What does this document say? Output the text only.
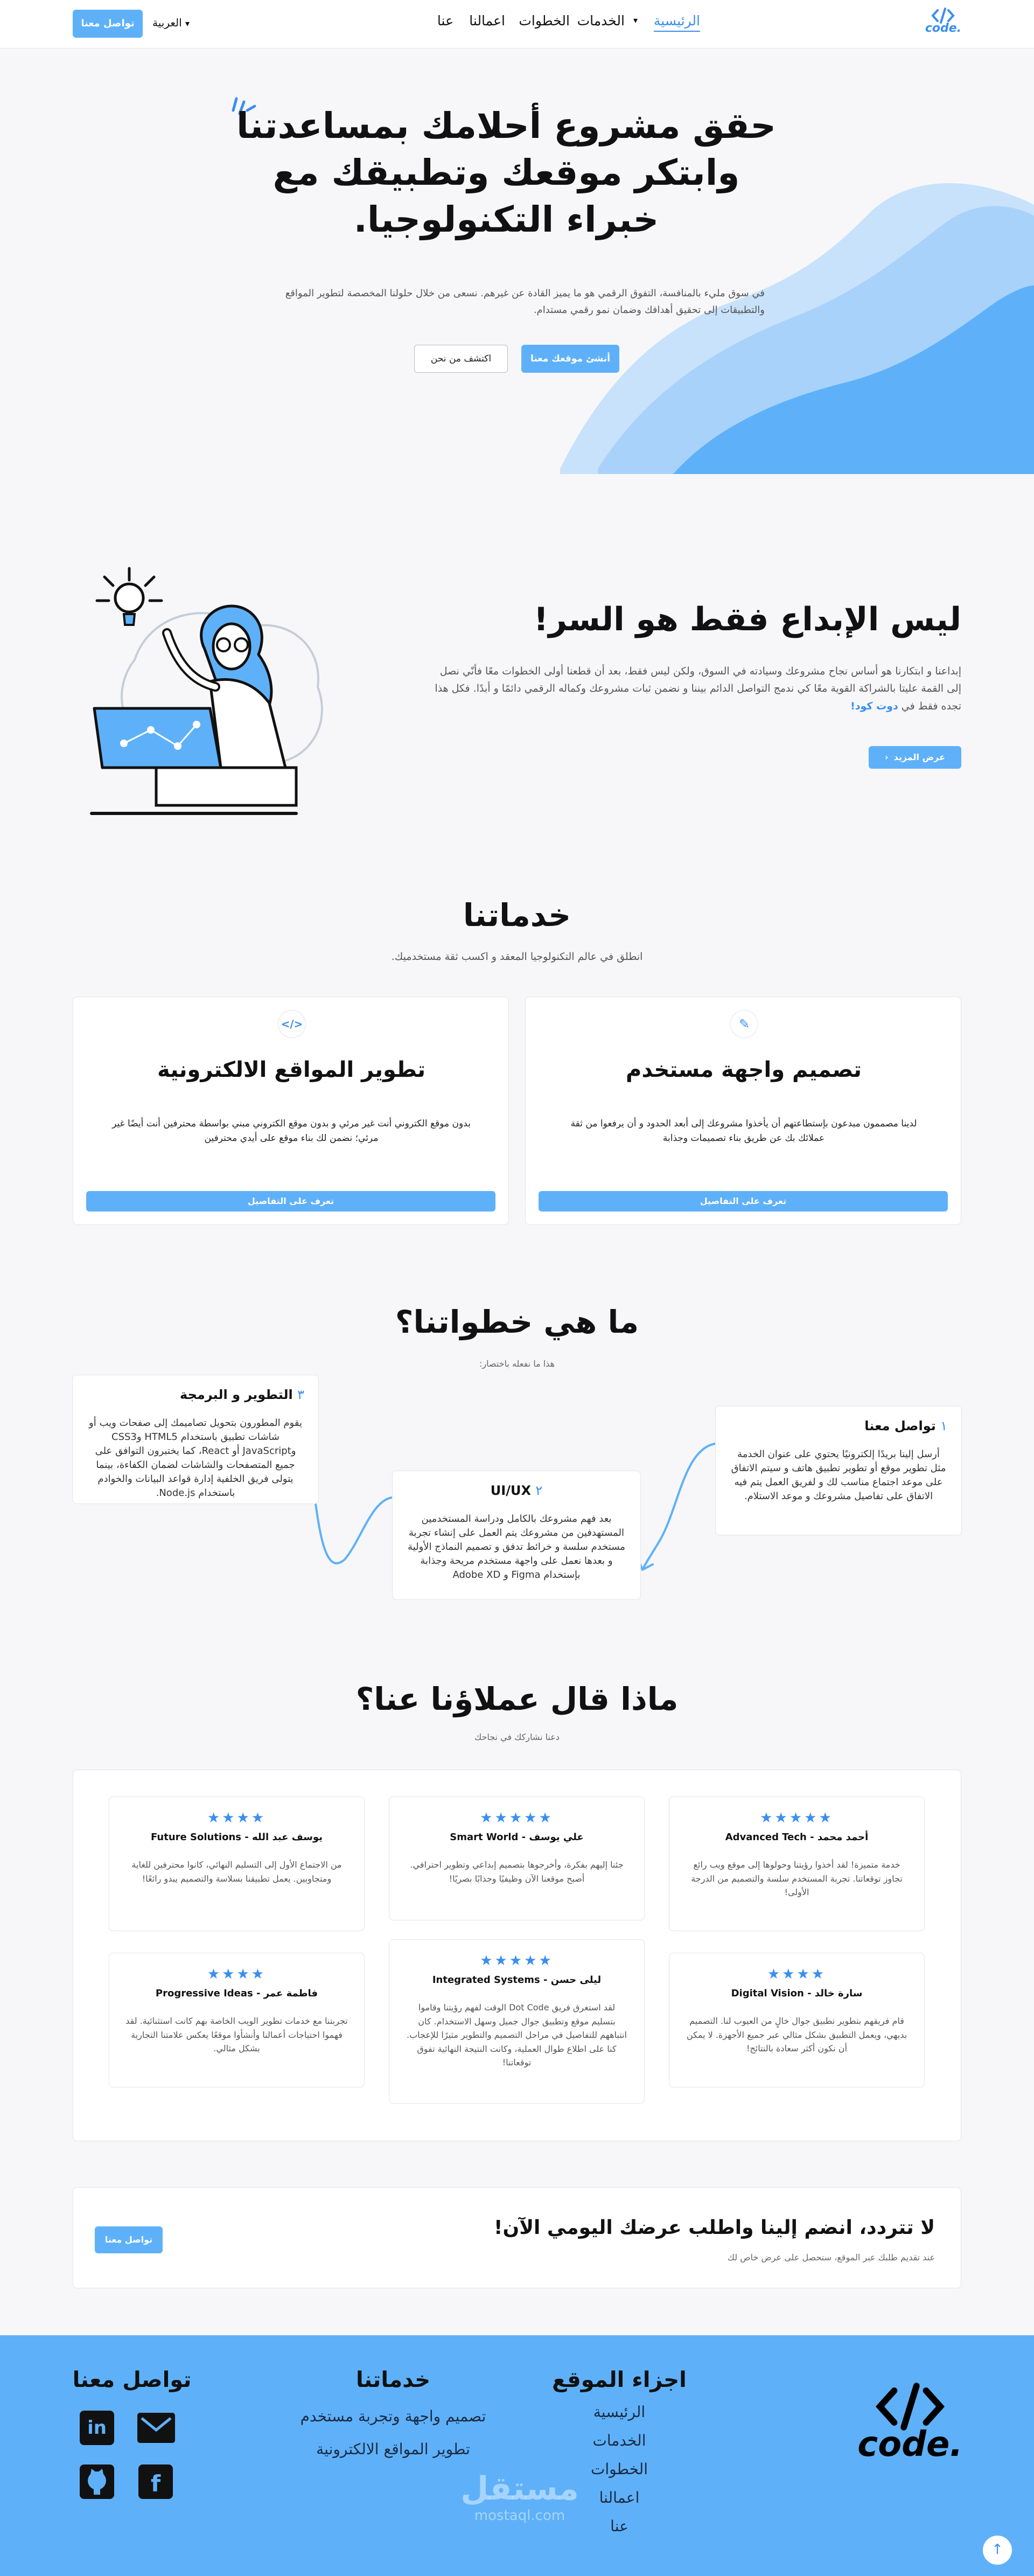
.code
الرئيسية
الخدمات ▾
الخطوات
اعمالنا
عنا
▾ العربية
تواصل معنا
حقق مشروع أحلامك بمساعدتنا وابتكر موقعك وتطبيقك مع خبراء التكنولوجيا.

في سوق مليء بالمنافسة، التفوق الرقمي هو ما يميز القادة عن غيرهم. نسعى من خلال حلولنا المخصصة لتطوير المواقع والتطبيقات إلى تحقيق أهدافك وضمان نمو رقمي مستدام.

أنشئ موقعك معنا
اكتشف من نحن
ليس الإبداع فقط هو السر!

إبداعنا و ابتكارنا هو أساس نجاح مشروعك وسيادته في السوق، ولكن ليس فقط، بعد أن قطعنا أولى الخطوات معًا فأنّي نصل إلى القمة عليتا بالشراكة القوية معًا كي ندمج التواصل الدائم بيننا و نضمن ثبات مشروعك وكماله الرقمي دائمًا و أبدًا. فكل هذا تجده فقط في دوت كود!

عرض المزيد
‹
خدماتنا

انطلق في عالم التكنولوجيا المعقد و اكسب ثقة مستخدميك.

✎
تصميم واجهة مستخدم

لدينا مصممون مبدعون بإستطاعتهم أن يأخذوا مشروعك إلى أبعد الحدود و أن يرفعوا من ثقة عملائك بك عن طريق بناء تصميمات وجذابة

تعرف على التفاصيل
</>
تطوير المواقع الالكترونية

بدون موقع الكتروني أنت غير مرئي و بدون موقع الكتروني مبني بواسطة محترفين أنت أيضًا غير مرئي؛ نضمن لك بناء موقع على أيدي محترفين

تعرف على التفاصيل
ما هي خطواتنا؟

هذا ما نفعله باختصار:

١ تواصل معنا

أرسل إلينا بريدًا إلكترونيًا يحتوي على عنوان الخدمة مثل تطوير موقع أو تطوير تطبيق هاتف و سيتم الاتفاق على موعد اجتماع مناسب لك و لفريق العمل يتم فيه الاتفاق على تفاصيل مشروعك و موعد الاستلام.

٢ UI/UX

بعد فهم مشروعك بالكامل ودراسة المستخدمين المستهدفين من مشروعك يتم العمل على إنشاء تجربة مستخدم سلسة و خرائط تدفق و تصميم النماذج الأولية و بعدها نعمل على واجهة مستخدم مريحة وجذابة بإستخدام Figma و Adobe XD

٣ التطوير و البرمجة

يقوم المطورون بتحويل تصاميمك إلى صفحات ويب أو شاشات تطبيق باستخدام HTML5 وCSS3 وJavaScript أو React، كما يختبرون التوافق على جميع المتصفحات والشاشات لضمان الكفاءة، بينما يتولى فريق الخلفية إدارة قواعد البيانات والخوادم باستخدام Node.js.

ماذا قال عملاؤنا عنا؟

دعنا نشاركك في نجاحك

★★★★★
أحمد محمد - Advanced Tech

خدمة متميزة! لقد أخذوا رؤيتنا وحولوها إلى موقع ويب رائع تجاوز توقعاتنا. تجربة المستخدم سلسة والتصميم من الدرجة الأولى!

★★★★★
علي يوسف - Smart World

جئنا إليهم بفكرة، وأخرجوها بتصميم إبداعي وتطوير احترافي. أصبح موقعنا الآن وظيفيًا وجذابًا بصريًا!

★★★★
يوسف عبد الله - Future Solutions

من الاجتماع الأول إلى التسليم النهائي، كانوا محترفين للغاية ومتجاوبين. يعمل تطبيقنا بسلاسة والتصميم يبدو رائعًا!

★★★★
سارة خالد - Digital Vision

قام فريقهم بتطوير تطبيق جوال خالٍ من العيوب لنا. التصميم بديهي، ويعمل التطبيق بشكل مثالي عبر جميع الأجهزة. لا يمكن أن نكون أكثر سعادة بالنتائج!

★★★★★
ليلى حسن - Integrated Systems

لقد استغرق فريق Dot Code الوقت لفهم رؤيتنا وقاموا بتسليم موقع وتطبيق جوال جميل وسهل الاستخدام. كان انتباههم للتفاصيل في مراحل التصميم والتطوير مثيرًا للإعجاب. كنا على اطلاع طوال العملية، وكانت النتيجة النهائية تفوق توقعاتنا!

★★★★
فاطمة عمر - Progressive Ideas

تجربتنا مع خدمات تطوير الويب الخاصة بهم كانت استثنائية. لقد فهموا احتياجات أعمالنا وأنشأوا موقعًا يعكس علامتنا التجارية بشكل مثالي.

لا تتردد، انضم إلينا واطلب عرضك اليومي الآن!

عند تقديم طلبك عبر الموقع، ستحصل على عرض خاص لك

تواصل معنا
.code
اجزاء الموقع
الرئيسية
الخدمات
الخطوات
اعمالنا
عنا
خدماتنا
تصميم واجهة وتجربة مستخدم
تطوير المواقع الالكترونية
مستقل
mostaql.com
تواصل معنا
in
f
↑
